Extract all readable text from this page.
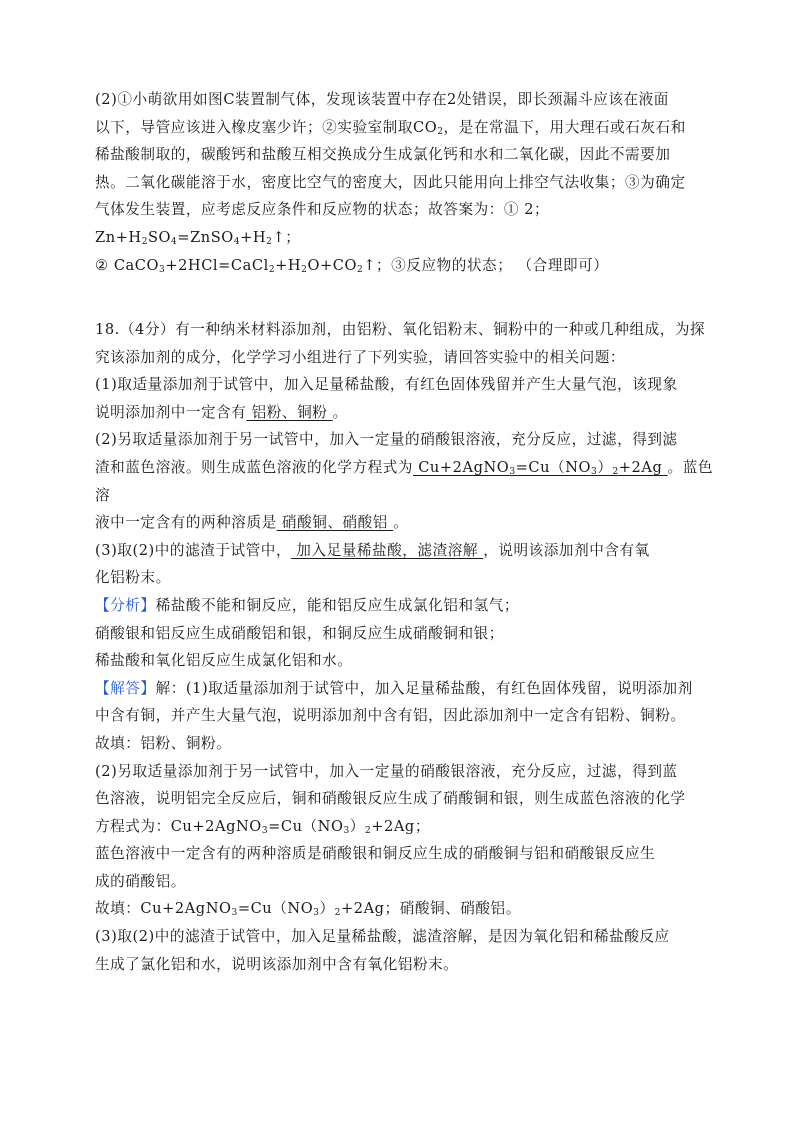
(2)①小萌欲用如图C装置制气体，发现该装置中存在2处错误，即长颈漏斗应该在液面

以下，导管应该进入橡皮塞少许；②实验室制取$CO_2$，是在常温下，用大理石或石灰石和

稀盐酸制取的，碳酸钙和盐酸互相交换成分生成氯化钙和水和二氧化碳，因此不需要加

热。二氧化碳能溶于水，密度比空气的密度大，因此只能用向上排空气法收集；③为确定

气体发生装置，应考虑反应条件和反应物的状态；故答案为：① 2；$Zn+H_2SO_4=ZnSO_4+H_2↑$；

② $CaCO_3+2HCl=CaCl_2+H_2O+CO_2↑$；③反应物的状态； （合理即可）

18.（4分）有一种纳米材料添加剂，由铝粉、氧化铝粉末、铜粉中的一种或几种组成，为探

究该添加剂的成分，化学学习小组进行了下列实验，请回答实验中的相关问题：

(1)取适量添加剂于试管中，加入足量稀盐酸，有红色固体残留并产生大量气泡，该现象

说明添加剂中一定含有 铝粉、铜粉 。

(2)另取适量添加剂于另一试管中，加入一定量的硝酸银溶液，充分反应，过滤，得到滤

渣和蓝色溶液。则生成蓝色溶液的化学方程式为 $Cu+2AgNO_3=Cu(NO_3)_2+2Ag$ 。蓝色溶

液中一定含有的两种溶质是 硝酸铜、硝酸铝 。

(3)取(2)中的滤渣于试管中， 加入足量稀盐酸，滤渣溶解 ，说明该添加剂中含有氧

化铝粉末。

【分析】稀盐酸不能和铜反应，能和铝反应生成氯化铝和氢气；

硝酸银和铝反应生成硝酸铝和银，和铜反应生成硝酸铜和银；

稀盐酸和氧化铝反应生成氯化铝和水。

【解答】解：(1)取适量添加剂于试管中，加入足量稀盐酸，有红色固体残留，说明添加剂

中含有铜，并产生大量气泡，说明添加剂中含有铝，因此添加剂中一定含有铝粉、铜粉。

故填：铝粉、铜粉。

(2)另取适量添加剂于另一试管中，加入一定量的硝酸银溶液，充分反应，过滤，得到蓝

色溶液，说明铝完全反应后，铜和硝酸银反应生成了硝酸铜和银，则生成蓝色溶液的化学

方程式为：$Cu+2AgNO_3=Cu(NO_3)_2+2Ag$；

蓝色溶液中一定含有的两种溶质是硝酸银和铜反应生成的硝酸铜与铝和硝酸银反应生

成的硝酸铝。

故填：$Cu+2AgNO_3=Cu(NO_3)_2+2Ag$；硝酸铜、硝酸铝。

(3)取(2)中的滤渣于试管中，加入足量稀盐酸，滤渣溶解，是因为氧化铝和稀盐酸反应

生成了氯化铝和水，说明该添加剂中含有氧化铝粉末。
